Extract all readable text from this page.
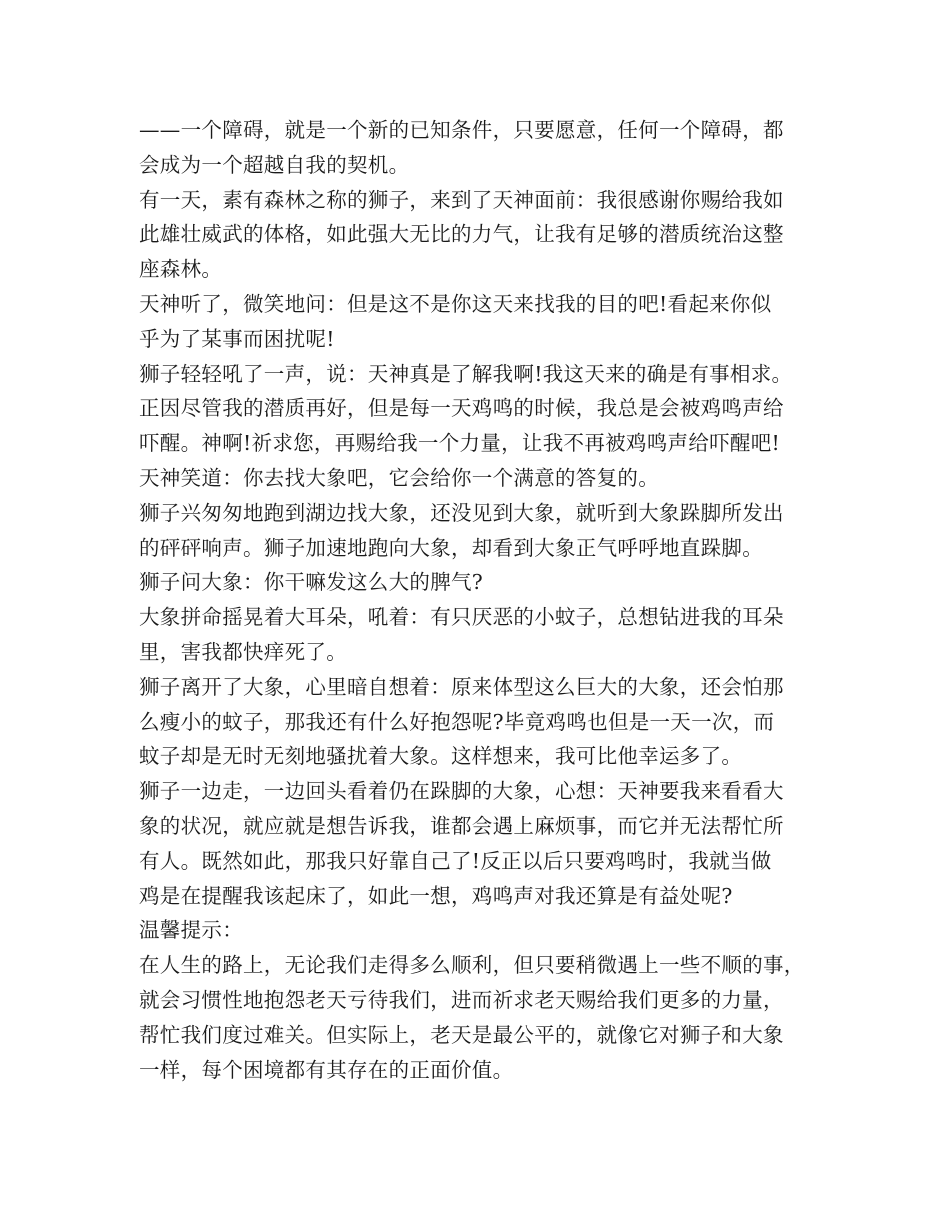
——一个障碍，就是一个新的已知条件，只要愿意，任何一个障碍，都

会成为一个超越自我的契机。

有一天，素有森林之称的狮子，来到了天神面前：我很感谢你赐给我如

此雄壮威武的体格，如此强大无比的力气，让我有足够的潜质统治这整

座森林。

天神听了，微笑地问：但是这不是你这天来找我的目的吧!看起来你似

乎为了某事而困扰呢!

狮子轻轻吼了一声，说：天神真是了解我啊!我这天来的确是有事相求。

正因尽管我的潜质再好，但是每一天鸡鸣的时候，我总是会被鸡鸣声给

吓醒。神啊!祈求您，再赐给我一个力量，让我不再被鸡鸣声给吓醒吧!

天神笑道：你去找大象吧，它会给你一个满意的答复的。

狮子兴匆匆地跑到湖边找大象，还没见到大象，就听到大象跺脚所发出

的砰砰响声。狮子加速地跑向大象，却看到大象正气呼呼地直跺脚。

狮子问大象：你干嘛发这么大的脾气?

大象拼命摇晃着大耳朵，吼着：有只厌恶的小蚊子，总想钻进我的耳朵

里，害我都快痒死了。

狮子离开了大象，心里暗自想着：原来体型这么巨大的大象，还会怕那

么瘦小的蚊子，那我还有什么好抱怨呢?毕竟鸡鸣也但是一天一次，而

蚊子却是无时无刻地骚扰着大象。这样想来，我可比他幸运多了。

狮子一边走，一边回头看着仍在跺脚的大象，心想：天神要我来看看大

象的状况，就应就是想告诉我，谁都会遇上麻烦事，而它并无法帮忙所

有人。既然如此，那我只好靠自己了!反正以后只要鸡鸣时，我就当做

鸡是在提醒我该起床了，如此一想，鸡鸣声对我还算是有益处呢?

温馨提示：

在人生的路上，无论我们走得多么顺利，但只要稍微遇上一些不顺的事，

就会习惯性地抱怨老天亏待我们，进而祈求老天赐给我们更多的力量，

帮忙我们度过难关。但实际上，老天是最公平的，就像它对狮子和大象

一样，每个困境都有其存在的正面价值。
